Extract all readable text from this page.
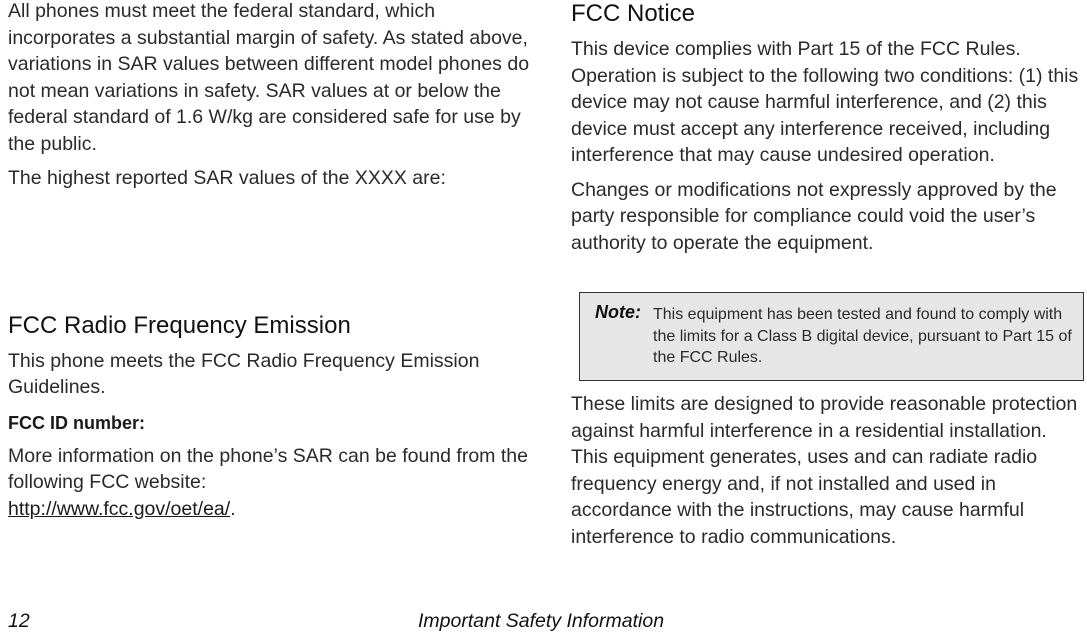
All phones must meet the federal standard, which incorporates a substantial margin of safety. As stated above, variations in SAR values between different model phones do not mean variations in safety. SAR values at or below the federal standard of 1.6 W/kg are considered safe for use by the public.

The highest reported SAR values of the XXXX are:

FCC Radio Frequency Emission

This phone meets the FCC Radio Frequency Emission Guidelines.

FCC ID number:

More information on the phone’s SAR can be found from the following FCC website:
http://www.fcc.gov/oet/ea/.

FCC Notice

This device complies with Part 15 of the FCC Rules. Operation is subject to the following two conditions: (1) this device may not cause harmful interference, and (2) this device must accept any interference received, including interference that may cause undesired operation.

Changes or modifications not expressly approved by the party responsible for compliance could void the user’s authority to operate the equipment.

These limits are designed to provide reasonable protection against harmful interference in a residential installation. This equipment generates, uses and can radiate radio frequency energy and, if not installed and used in accordance with the instructions, may cause harmful interference to radio communications.

Note: This equipment has been tested and found to comply with the limits for a Class B digital device, pursuant to Part 15 of the FCC Rules.
12	Important Safety Information
